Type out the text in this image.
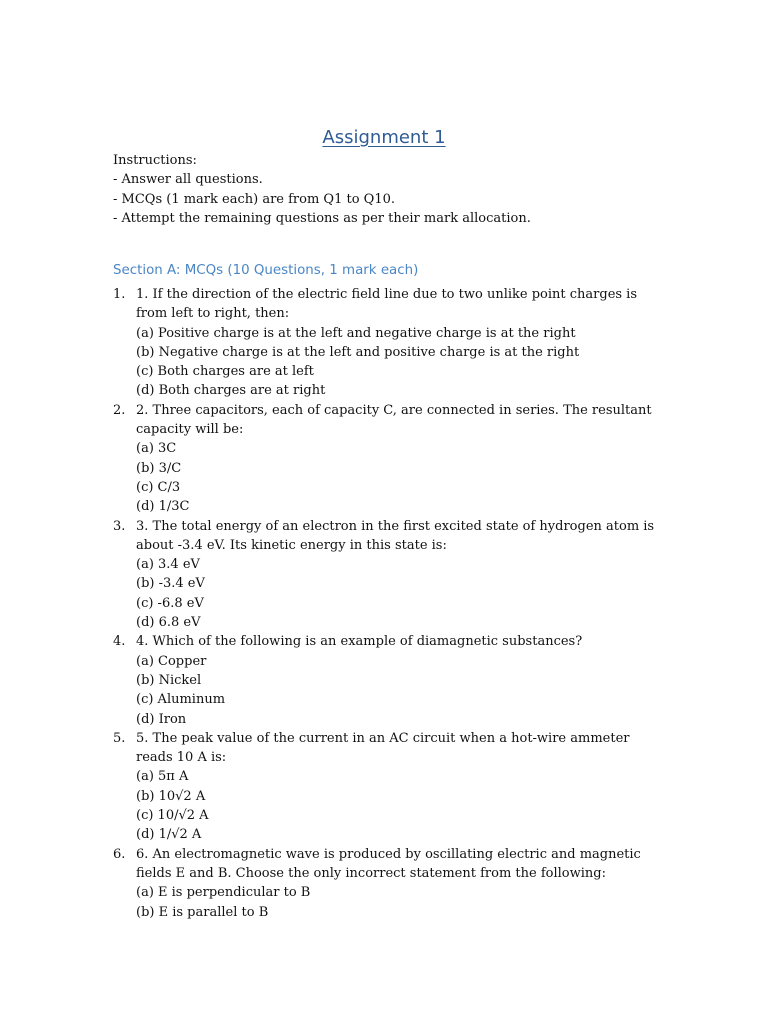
Assignment 1
Instructions:
- Answer all questions.
- MCQs (1 mark each) are from Q1 to Q10.
- Attempt the remaining questions as per their mark allocation.
Section A: MCQs (10 Questions, 1 mark each)
1. 1. If the direction of the electric field line due to two unlike point charges is from left to right, then:
(a) Positive charge is at the left and negative charge is at the right
(b) Negative charge is at the left and positive charge is at the right
(c) Both charges are at left
(d) Both charges are at right
2. 2. Three capacitors, each of capacity C, are connected in series. The resultant capacity will be:
(a) 3C
(b) 3/C
(c) C/3
(d) 1/3C
3. 3. The total energy of an electron in the first excited state of hydrogen atom is about -3.4 eV. Its kinetic energy in this state is:
(a) 3.4 eV
(b) -3.4 eV
(c) -6.8 eV
(d) 6.8 eV
4. 4. Which of the following is an example of diamagnetic substances?
(a) Copper
(b) Nickel
(c) Aluminum
(d) Iron
5. 5. The peak value of the current in an AC circuit when a hot-wire ammeter reads 10 A is:
(a) 5π A
(b) 10√2 A
(c) 10/√2 A
(d) 1/√2 A
6. 6. An electromagnetic wave is produced by oscillating electric and magnetic fields E and B. Choose the only incorrect statement from the following:
(a) E is perpendicular to B
(b) E is parallel to B
